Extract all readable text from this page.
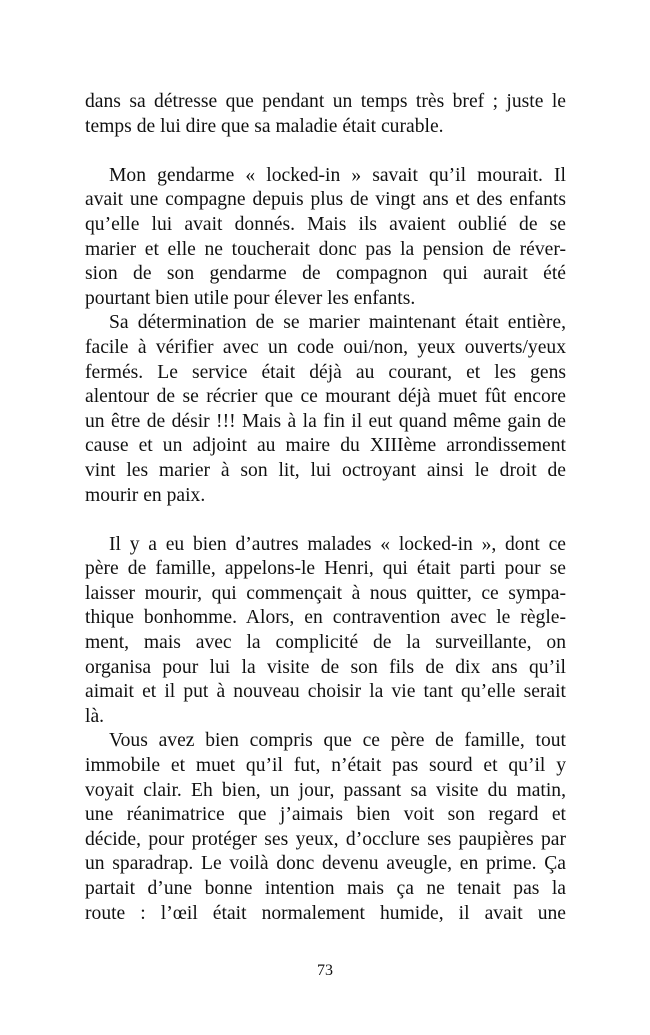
dans sa détresse que pendant un temps très bref ; juste le
temps de lui dire que sa maladie était curable.
Mon gendarme « locked-in » savait qu’il mourait. Il
avait une compagne depuis plus de vingt ans et des enfants
qu’elle lui avait donnés. Mais ils avaient oublié de se
marier et elle ne toucherait donc pas la pension de réver-
sion de son gendarme de compagnon qui aurait été
pourtant bien utile pour élever les enfants.
Sa détermination de se marier maintenant était entière,
facile à vérifier avec un code oui/non, yeux ouverts/yeux
fermés. Le service était déjà au courant, et les gens
alentour de se récrier que ce mourant déjà muet fût encore
un être de désir !!! Mais à la fin il eut quand même gain de
cause et un adjoint au maire du XIIIème arrondissement
vint les marier à son lit, lui octroyant ainsi le droit de
mourir en paix.
Il y a eu bien d’autres malades « locked-in », dont ce
père de famille, appelons-le Henri, qui était parti pour se
laisser mourir, qui commençait à nous quitter, ce sympa-
thique bonhomme. Alors, en contravention avec le règle-
ment, mais avec la complicité de la surveillante, on
organisa pour lui la visite de son fils de dix ans qu’il
aimait et il put à nouveau choisir la vie tant qu’elle serait
là.
Vous avez bien compris que ce père de famille, tout
immobile et muet qu’il fut, n’était pas sourd et qu’il y
voyait clair. Eh bien, un jour, passant sa visite du matin,
une réanimatrice que j’aimais bien voit son regard et
décide, pour protéger ses yeux, d’occlure ses paupières par
un sparadrap. Le voilà donc devenu aveugle, en prime. Ça
partait d’une bonne intention mais ça ne tenait pas la
route : l’œil était normalement humide, il avait une
73
